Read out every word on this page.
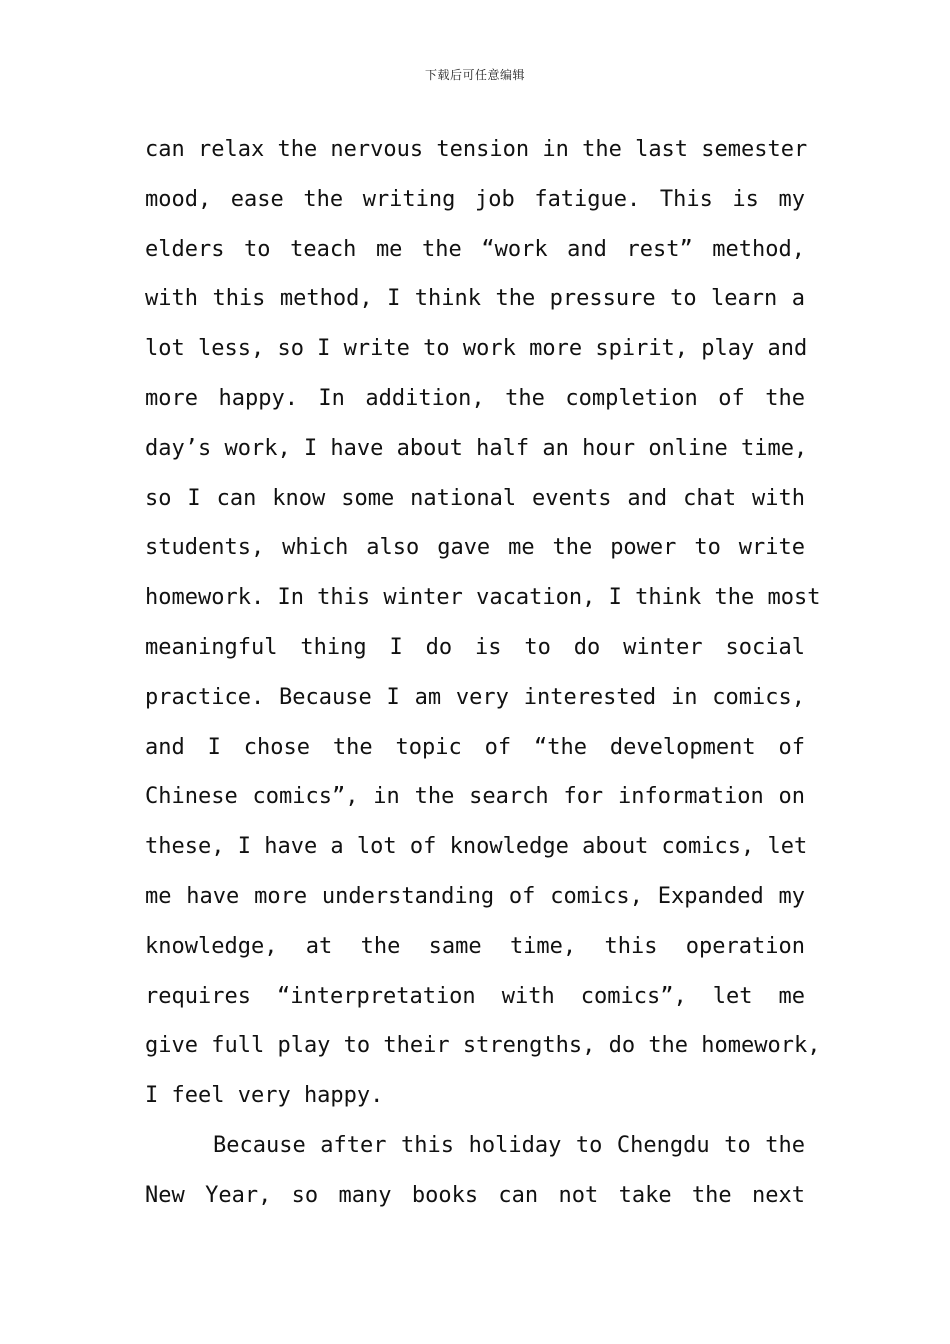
下载后可任意编辑
can relax the nervous tension in the last semester
mood, ease the writing job fatigue. This is my
elders to teach me the “work and rest” method,
with this method, I think the pressure to learn a
lot less, so I write to work more spirit, play and
more happy. In addition, the completion of the
day’s work, I have about half an hour online time,
so I can know some national events and chat with
students, which also gave me the power to write
homework. In this winter vacation, I think the most
meaningful thing I do is to do winter social
practice. Because I am very interested in comics,
and I chose the topic of “the development of
Chinese comics”, in the search for information on
these, I have a lot of knowledge about comics, let
me have more understanding of comics, Expanded my
knowledge, at the same time, this operation
requires “interpretation with comics”, let me
give full play to their strengths, do the homework,
I feel very happy.
Because after this holiday to Chengdu to the
New Year, so many books can not take the next
